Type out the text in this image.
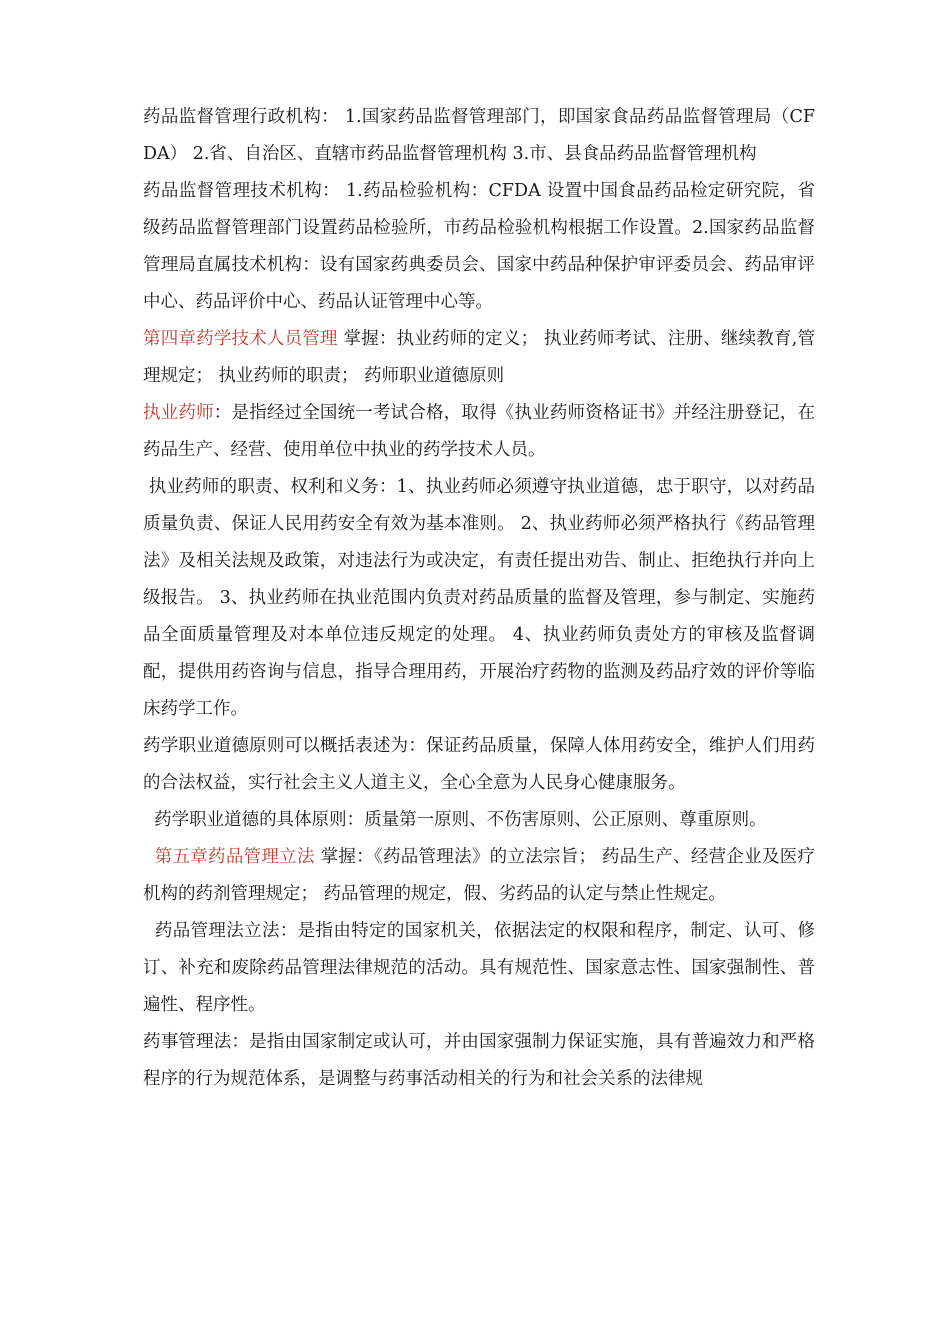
药品监督管理行政机构： 1.国家药品监督管理部门，即国家食品药品监督管理局（CFDA） 2.省、自治区、直辖市药品监督管理机构 3.市、县食品药品监督管理机构

药品监督管理技术机构： 1.药品检验机构：CFDA 设置中国食品药品检定研究院，省级药品监督管理部门设置药品检验所，市药品检验机构根据工作设置。2.国家药品监督管理局直属技术机构：设有国家药典委员会、国家中药品种保护审评委员会、药品审评中心、药品评价中心、药品认证管理中心等。

第四章药学技术人员管理 掌握：执业药师的定义； 执业药师考试、注册、继续教育,管理规定； 执业药师的职责； 药师职业道德原则

执业药师：是指经过全国统一考试合格，取得《执业药师资格证书》并经注册登记，在药品生产、经营、使用单位中执业的药学技术人员。

执业药师的职责、权利和义务：1、执业药师必须遵守执业道德，忠于职守，以对药品质量负责、保证人民用药安全有效为基本准则。 2、执业药师必须严格执行《药品管理法》及相关法规及政策，对违法行为或决定，有责任提出劝告、制止、拒绝执行并向上级报告。 3、执业药师在执业范围内负责对药品质量的监督及管理，参与制定、实施药品全面质量管理及对本单位违反规定的处理。 4、执业药师负责处方的审核及监督调配，提供用药咨询与信息，指导合理用药，开展治疗药物的监测及药品疗效的评价等临床药学工作。

药学职业道德原则可以概括表述为：保证药品质量，保障人体用药安全，维护人们用药的合法权益，实行社会主义人道主义，全心全意为人民身心健康服务。

药学职业道德的具体原则：质量第一原则、不伤害原则、公正原则、尊重原则。

第五章药品管理立法 掌握：《药品管理法》的立法宗旨； 药品生产、经营企业及医疗机构的药剂管理规定； 药品管理的规定，假、劣药品的认定与禁止性规定。

药品管理法立法：是指由特定的国家机关，依据法定的权限和程序，制定、认可、修订、补充和废除药品管理法律规范的活动。具有规范性、国家意志性、国家强制性、普遍性、程序性。

药事管理法：是指由国家制定或认可，并由国家强制力保证实施，具有普遍效力和严格程序的行为规范体系，是调整与药事活动相关的行为和社会关系的法律规
